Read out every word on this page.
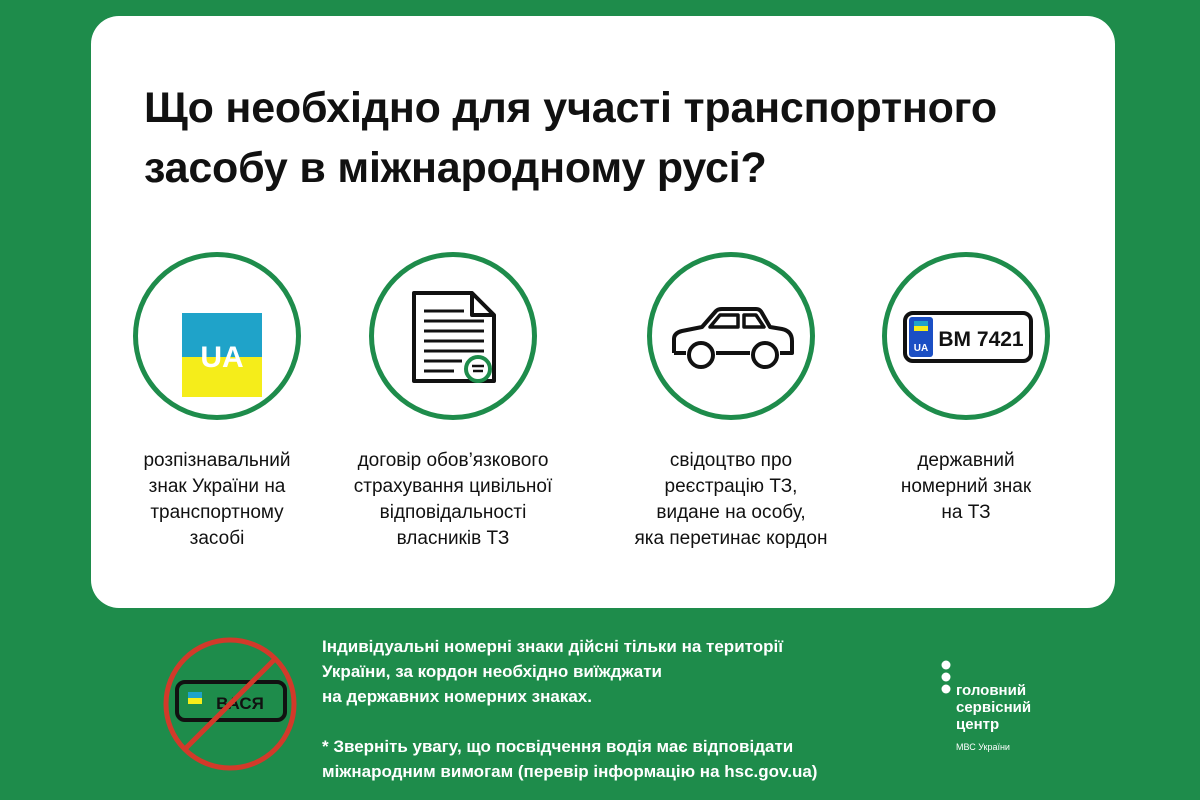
Що необхідно для участі транспортного
засобу в міжнародному русі?
UA
розпізнавальний
знак України на
транспортному
засобі
договір обов’язкового
страхування цивільної
відповідальності
власників ТЗ
свідоцтво про
реєстрацію ТЗ,
видане на особу,
яка перетинає кордон
UA ВМ 7421
державний
номерний знак
на ТЗ
ВАСЯ
Індивідуальні номерні знаки дійсні тільки на території
України, за кордон необхідно виїжджати
на державних номерних знаках.
* Зверніть увагу, що посвідчення водія має відповідати
міжнародним вимогам (перевір інформацію на hsc.gov.ua)
головний
сервісний
центр
МВС України
